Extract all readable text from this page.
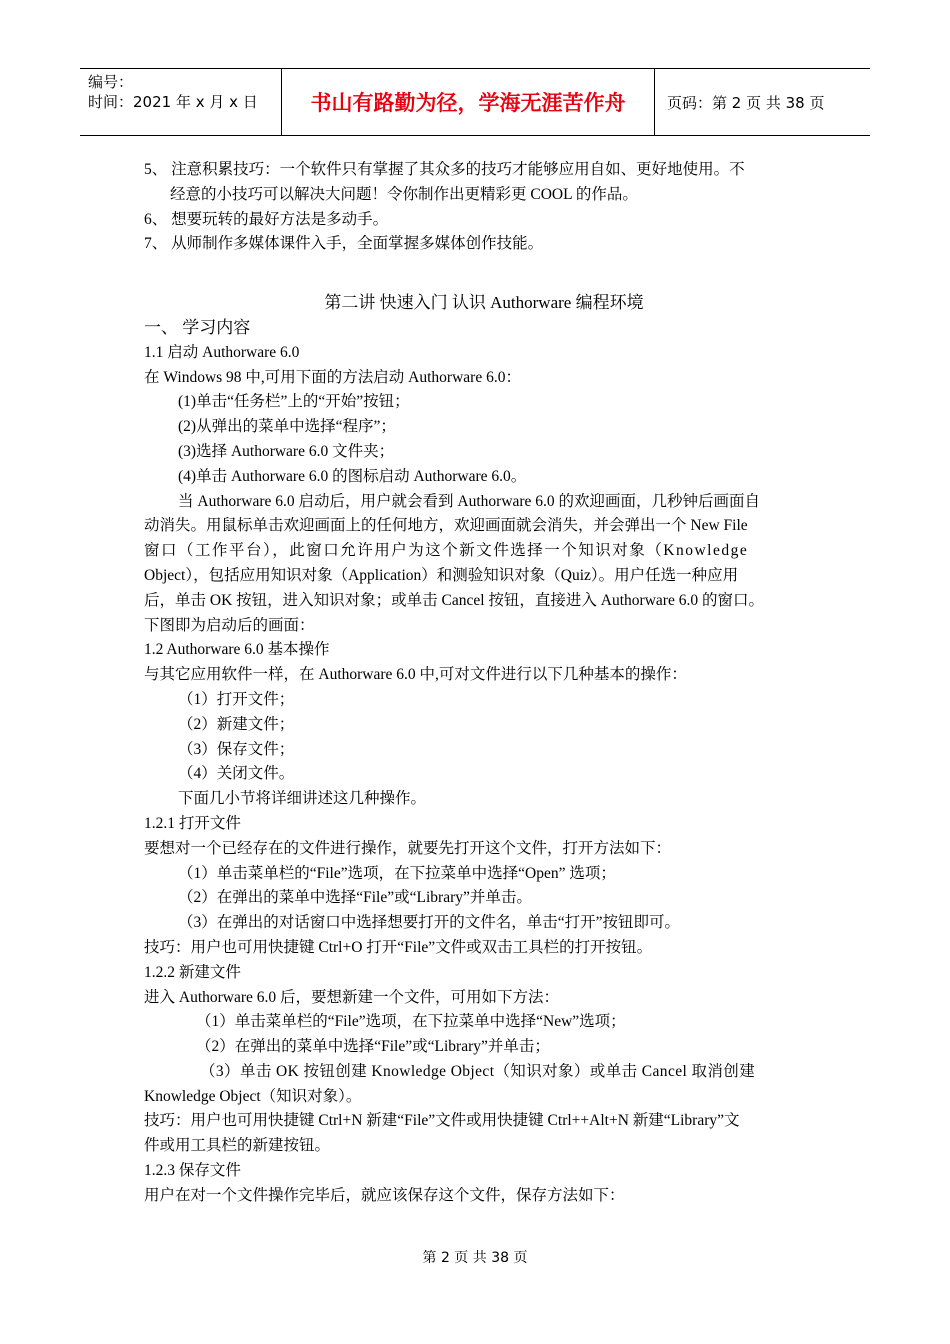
编号：
时间：2021 年 x 月 x 日	书山有路勤为径，学海无涯苦作舟	页码：第 2 页 共 38 页

5、 注意积累技巧：一个软件只有掌握了其众多的技巧才能够应用自如、更好地使用。不

经意的小技巧可以解决大问题！令你制作出更精彩更 COOL 的作品。

6、 想要玩转的最好方法是多动手。

7、 从师制作多媒体课件入手，全面掌握多媒体创作技能。

第二讲 快速入门 认识 Authorware 编程环境

一、 学习内容

1.1 启动 Authorware 6.0

在 Windows 98 中,可用下面的方法启动 Authorware 6.0：

(1)单击“任务栏”上的“开始”按钮；

(2)从弹出的菜单中选择“程序”；

(3)选择 Authorware 6.0 文件夹；

(4)单击 Authorware 6.0 的图标启动 Authorware 6.0。

当 Authorware 6.0 启动后，用户就会看到 Authorware 6.0 的欢迎画面，几秒钟后画面自

动消失。用鼠标单击欢迎画面上的任何地方，欢迎画面就会消失，并会弹出一个 New File

窗口（工作平台），此窗口允许用户为这个新文件选择一个知识对象（Knowledge

Object），包括应用知识对象（Application）和测验知识对象（Quiz）。用户任选一种应用

后，单击 OK 按钮，进入知识对象；或单击 Cancel 按钮，直接进入 Authorware 6.0 的窗口。

下图即为启动后的画面：

1.2 Authorware 6.0 基本操作

与其它应用软件一样，在 Authorware 6.0 中,可对文件进行以下几种基本的操作：

（1）打开文件；

（2）新建文件；

（3）保存文件；

（4）关闭文件。

下面几小节将详细讲述这几种操作。

1.2.1 打开文件

要想对一个已经存在的文件进行操作，就要先打开这个文件，打开方法如下：

（1）单击菜单栏的“File”选项，在下拉菜单中选择“Open” 选项；

（2）在弹出的菜单中选择“File”或“Library”并单击。

（3）在弹出的对话窗口中选择想要打开的文件名，单击“打开”按钮即可。

技巧：用户也可用快捷键 Ctrl+O 打开“File”文件或双击工具栏的打开按钮。

1.2.2 新建文件

进入 Authorware 6.0 后，要想新建一个文件，可用如下方法：

（1）单击菜单栏的“File”选项，在下拉菜单中选择“New”选项；

（2）在弹出的菜单中选择“File”或“Library”并单击；

（3）单击 OK 按钮创建 Knowledge Object（知识对象）或单击 Cancel 取消创建

Knowledge Object（知识对象）。

技巧：用户也可用快捷键 Ctrl+N 新建“File”文件或用快捷键 Ctrl++Alt+N 新建“Library”文

件或用工具栏的新建按钮。

1.2.3 保存文件

用户在对一个文件操作完毕后，就应该保存这个文件，保存方法如下：

第 2 页 共 38 页
